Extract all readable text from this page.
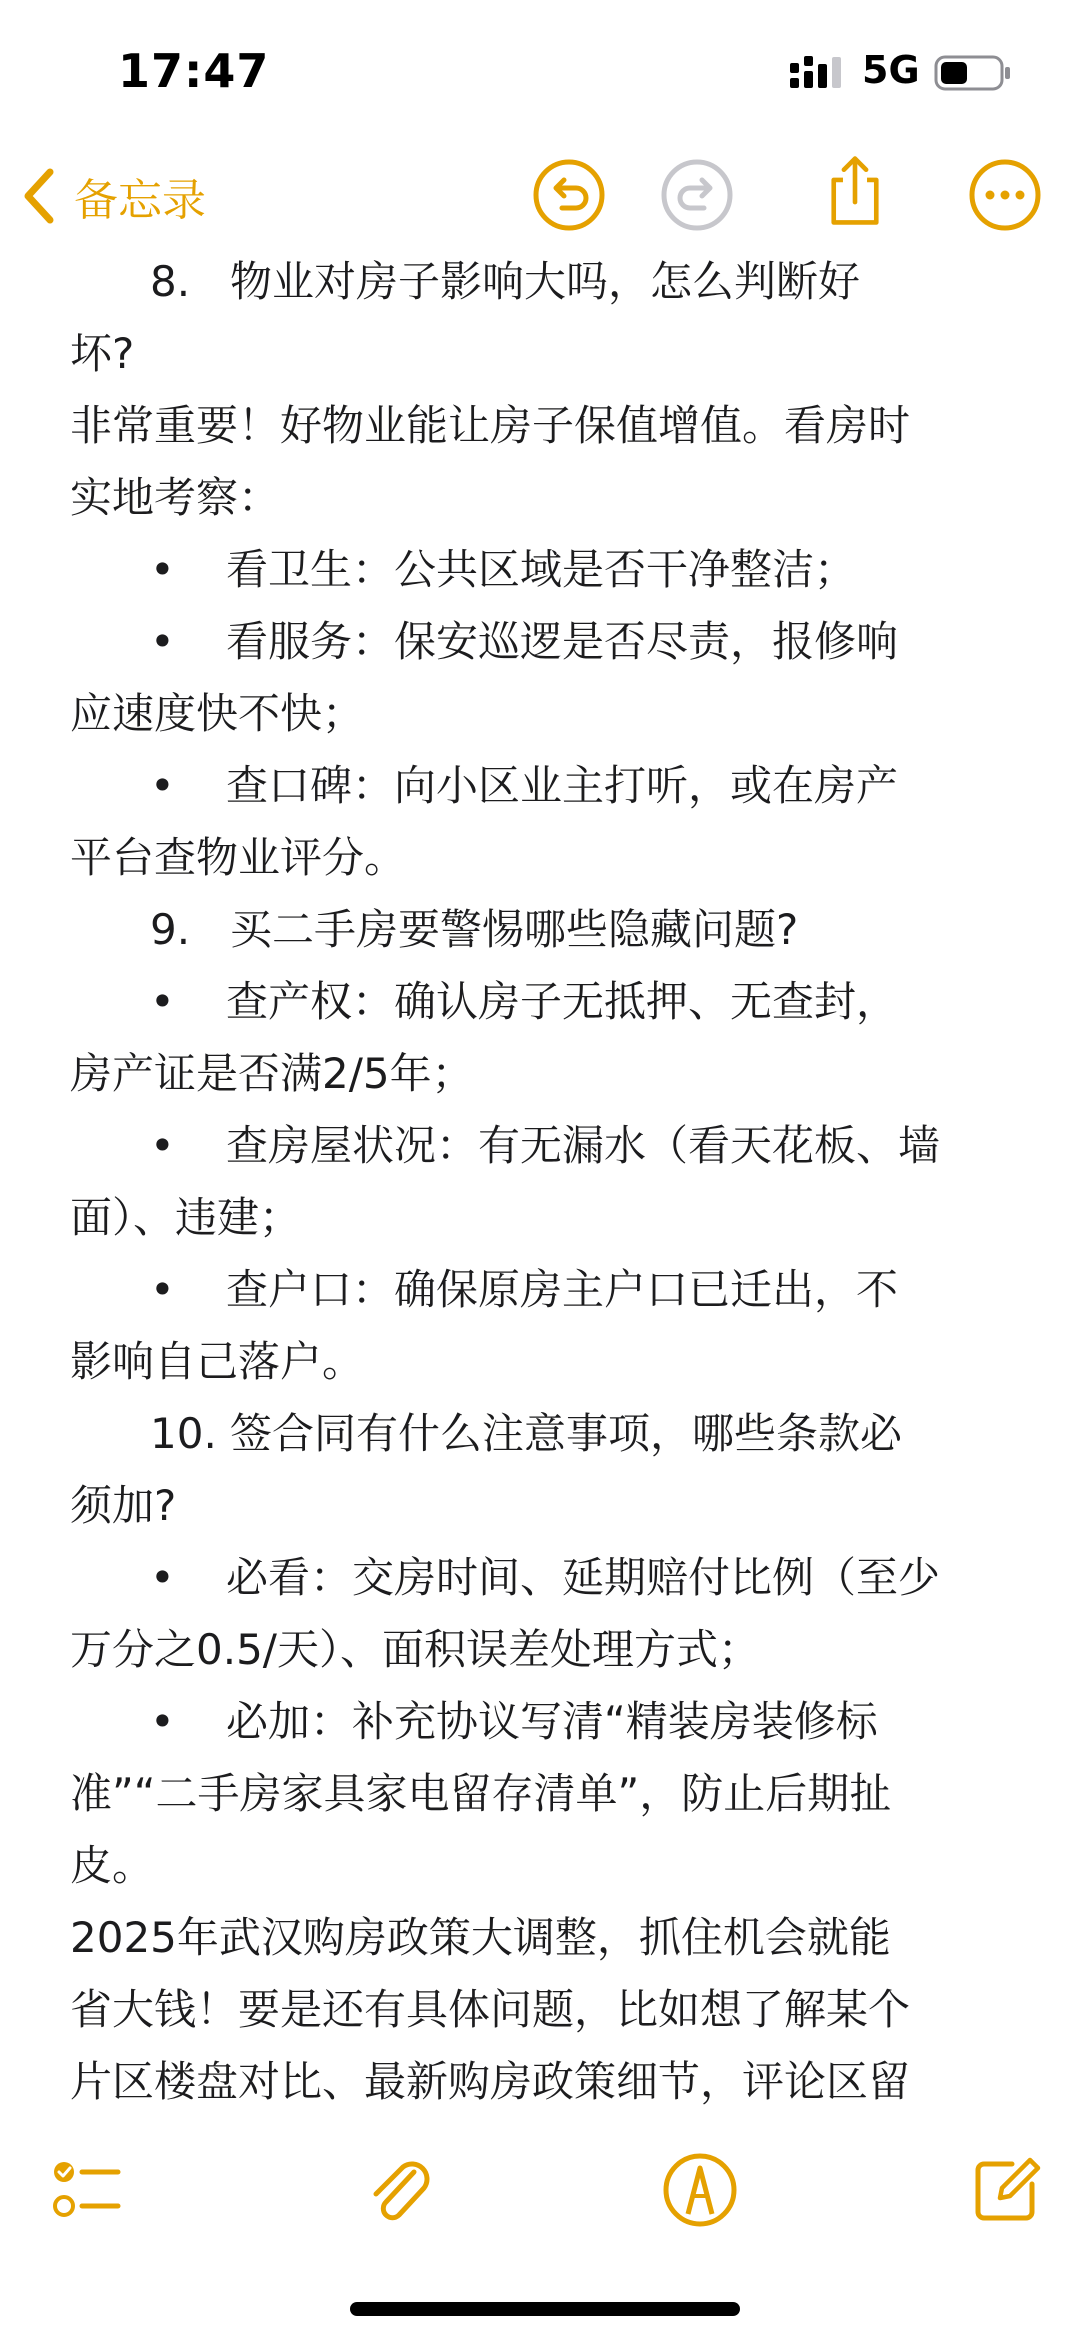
17:47	5G

备忘录
8. 物业对房子影响大吗，怎么判断好
坏?
非常重要！好物业能让房子保值增值。看房时
实地考察：
• 看卫生：公共区域是否干净整洁；
• 看服务：保安巡逻是否尽责，报修响
应速度快不快；
• 查口碑：向小区业主打听，或在房产
平台查物业评分。
9. 买二手房要警惕哪些隐藏问题?
• 查产权：确认房子无抵押、无查封，
房产证是否满2/5年；
• 查房屋状况：有无漏水（看天花板、墙
面）、违建；
• 查户口：确保原房主户口已迁出，不
影响自己落户。
10. 签合同有什么注意事项，哪些条款必
须加?
• 必看：交房时间、延期赔付比例（至少
万分之0.5/天）、面积误差处理方式；
• 必加：补充协议写清“精装房装修标
准”“二手房家具家电留存清单”，防止后期扯
皮。
2025年武汉购房政策大调整，抓住机会就能
省大钱！要是还有具体问题，比如想了解某个
片区楼盘对比、最新购房政策细节，评论区留
